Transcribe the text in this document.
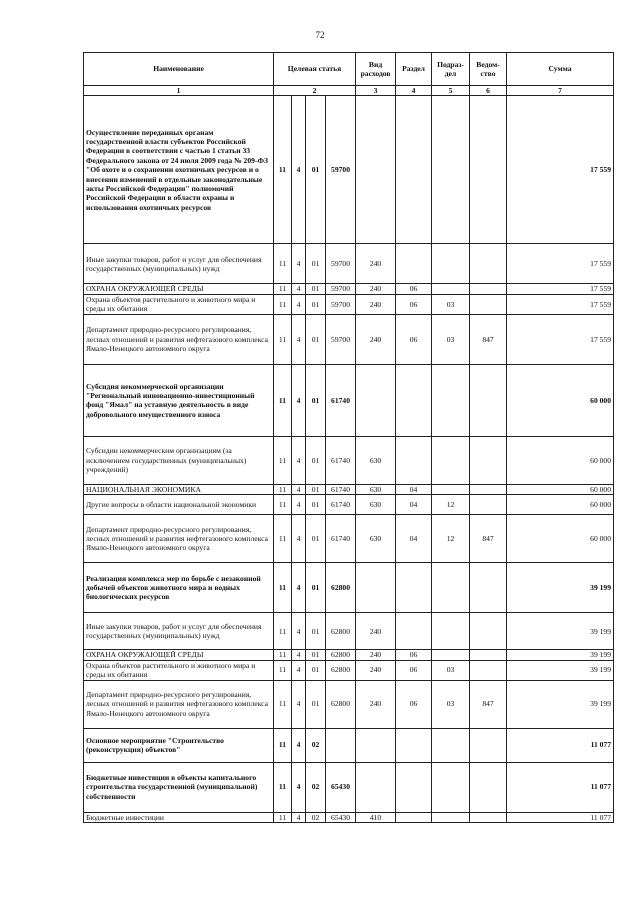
72
Наименование	Целевая статья				Вид расходов	Раздел	Подраз-дел	Ведом-ство	Сумма
1	2				3	4	5	6	7
Осуществление переданных органам государственной власти субъектов Российской Федерации в соответствии с частью 1 статьи 33 Федерального закона от 24 июля 2009 года № 209-ФЗ "Об охоте и о сохранении охотничьих ресурсов и о внесении изменений в отдельные законодательные акты Российской Федерации" полномочий Российской Федерации в области охраны и использования охотничьих ресурсов	11	4	01	59700					17 559
Иные закупки товаров, работ и услуг для обеспечения государственных (муниципальных) нужд	11	4	01	59700	240				17 559
ОХРАНА ОКРУЖАЮЩЕЙ СРЕДЫ	11	4	01	59700	240	06			17 559
Охрана объектов растительного и животного мира и среды их обитания	11	4	01	59700	240	06	03		17 559
Департамент природно-ресурсного регулирования, лесных отношений и развития нефтегазового комплекса Ямало-Ненецкого автономного округа	11	4	01	59700	240	06	03	847	17 559
Субсидия некоммерческой организации "Региональный инновационно-инвестиционный фонд "Ямал" на уставную деятельность в виде добровольного имущественного взноса	11	4	01	61740					60 000
Субсидии некоммерческим организациям (за исключением государственных (муниципальных) учреждений)	11	4	01	61740	630				60 000
НАЦИОНАЛЬНАЯ ЭКОНОМИКА	11	4	01	61740	630	04			60 000
Другие вопросы в области национальной экономики	11	4	01	61740	630	04	12		60 000
Департамент природно-ресурсного регулирования, лесных отношений и развития нефтегазового комплекса Ямало-Ненецкого автономного округа	11	4	01	61740	630	04	12	847	60 000
Реализация комплекса мер по борьбе с незаконной добычей объектов животного мира и водных биологических ресурсов	11	4	01	62800					39 199
Иные закупки товаров, работ и услуг для обеспечения государственных (муниципальных) нужд	11	4	01	62800	240				39 199
ОХРАНА ОКРУЖАЮЩЕЙ СРЕДЫ	11	4	01	62800	240	06			39 199
Охрана объектов растительного и животного мира и среды их обитания	11	4	01	62800	240	06	03		39 199
Департамент природно-ресурсного регулирования, лесных отношений и развития нефтегазового комплекса Ямало-Ненецкого автономного округа	11	4	01	62800	240	06	03	847	39 199
Основное мероприятие "Строительство (реконструкция) объектов"	11	4	02						11 077
Бюджетные инвестиции в объекты капитального строительства государственной (муниципальной) собственности	11	4	02	65430					11 077
Бюджетные инвестиции	11	4	02	65430	410				11 077
